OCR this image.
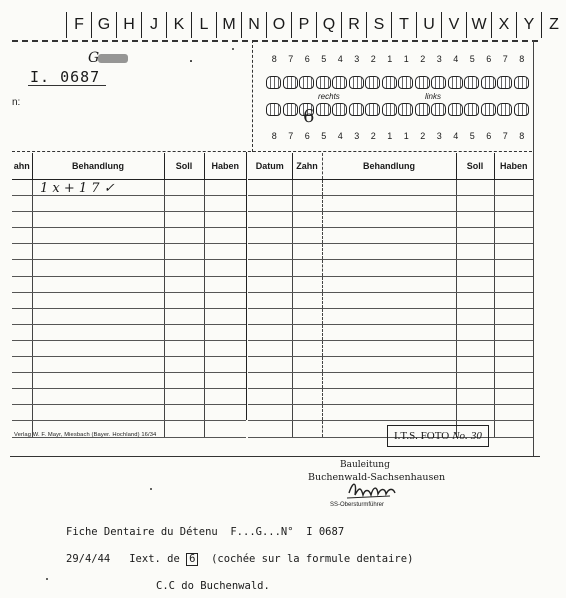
F G H J K L M N O P Q R S T U V W X Y Z
G
I. 0687
n:
8	7	6	5	4	3	2	1	1	2	3	4	5	6	7	8
rechts	links
6
8	7	6	5	4	3	2	1	1	2	3	4	5	6	7	8
ahn	Behandlung	Soll	Haben

1 x + 1 7 ✓
Datum	Zahn	Behandlung	Soll	Haben

Verlag W. F. Mayr, Miesbach (Bayer. Hochland) 16/34	I.T.S. FOTO No. 30
Bauleitung
Buchenwald-Sachsenhausen
SS-Obersturmführer
Fiche Dentaire du Détenu  F...G...N°  I 0687
29/4/44   Iext. de 6  (cochée sur la formule dentaire)
C.C do Buchenwald.
